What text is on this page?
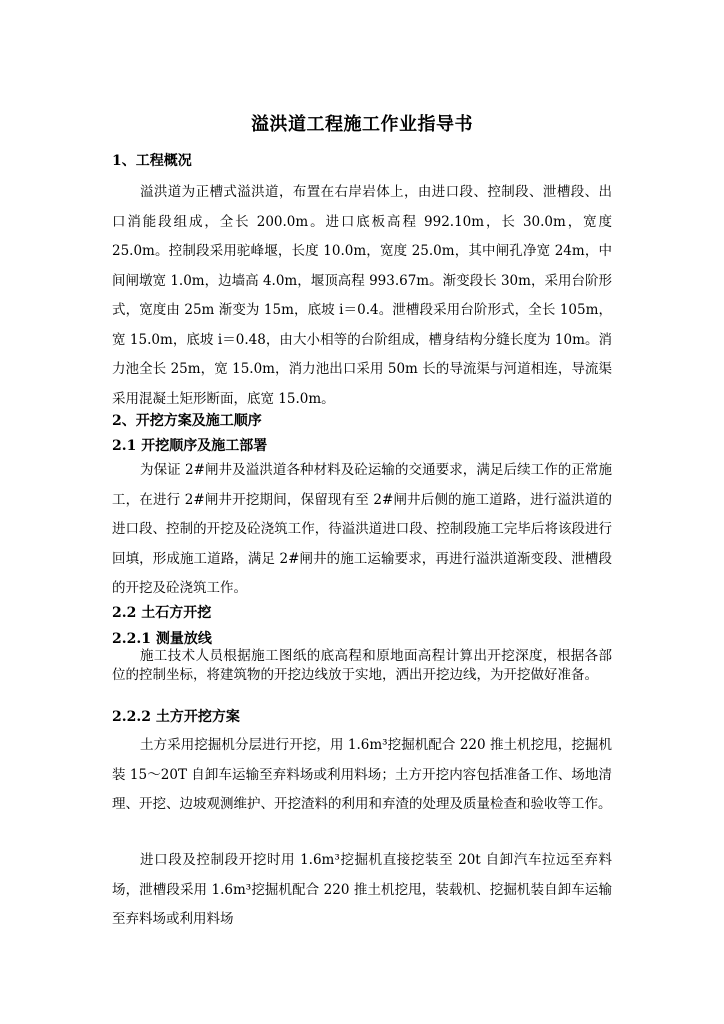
溢洪道工程施工作业指导书
1、工程概况

溢洪道为正槽式溢洪道，布置在右岸岩体上，由进口段、控制段、泄槽段、出口消能段组成，全长 200.0m。进口底板高程 992.10m，长 30.0m，宽度 25.0m。控制段采用驼峰堰，长度 10.0m，宽度 25.0m，其中闸孔净宽 24m，中间闸墩宽 1.0m，边墙高 4.0m，堰顶高程 993.67m。渐变段长 30m，采用台阶形式，宽度由 25m 渐变为 15m，底坡 i＝0.4。泄槽段采用台阶形式，全长 105m，宽 15.0m，底坡 i＝0.48，由大小相等的台阶组成，槽身结构分缝长度为 10m。消力池全长 25m，宽 15.0m，消力池出口采用 50m 长的导流渠与河道相连，导流渠采用混凝土矩形断面，底宽 15.0m。

2、开挖方案及施工顺序
2.1 开挖顺序及施工部署

为保证 2#闸井及溢洪道各种材料及砼运输的交通要求，满足后续工作的正常施工，在进行 2#闸井开挖期间，保留现有至 2#闸井后侧的施工道路，进行溢洪道的进口段、控制的开挖及砼浇筑工作，待溢洪道进口段、控制段施工完毕后将该段进行回填，形成施工道路，满足 2#闸井的施工运输要求，再进行溢洪道渐变段、泄槽段的开挖及砼浇筑工作。

2.2 土石方开挖
2.2.1 测量放线

施工技术人员根据施工图纸的底高程和原地面高程计算出开挖深度，根据各部位的控制坐标，将建筑物的开挖边线放于实地，洒出开挖边线，为开挖做好准备。

2.2.2 土方开挖方案

土方采用挖掘机分层进行开挖，用 1.6m³挖掘机配合 220 推土机挖甩，挖掘机装 15～20T 自卸车运输至弃料场或利用料场；土方开挖内容包括准备工作、场地清理、开挖、边坡观测维护、开挖渣料的利用和弃渣的处理及质量检查和验收等工作。

进口段及控制段开挖时用 1.6m³挖掘机直接挖装至 20t 自卸汽车拉远至弃料场，泄槽段采用 1.6m³挖掘机配合 220 推土机挖甩，装载机、挖掘机装自卸车运输至弃料场或利用料场
